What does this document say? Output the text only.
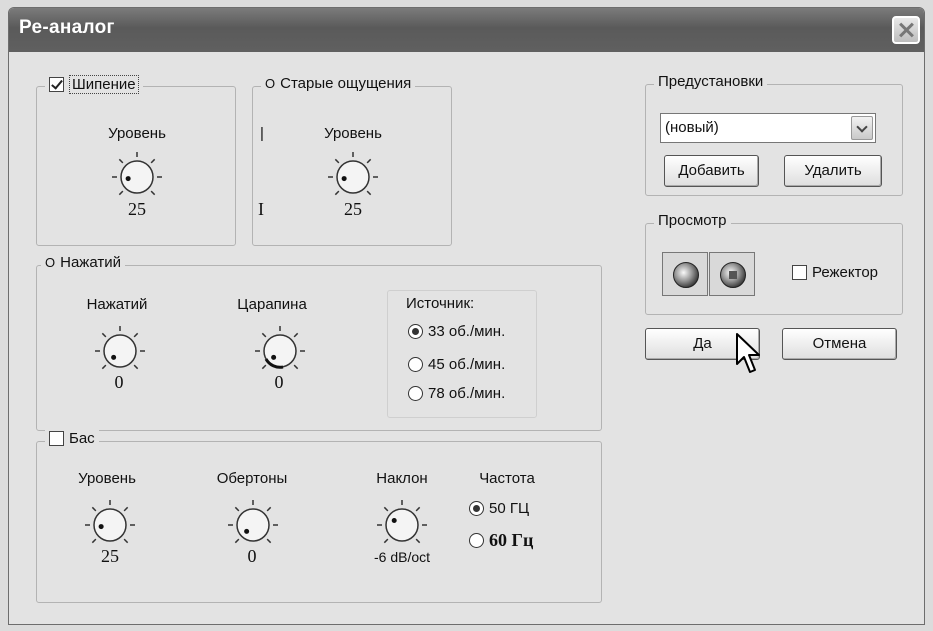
Ре-аналог
Шипение
Уровень
25
O Старые ощущения
|	Уровень
I	25
O Нажатий
Нажатий
0
Царапина
0
Источник:
33 об./мин.
45 об./мин.
78 об./мин.
Бас
Уровень
25
Обертоны
0
Наклон
-6 dB/oct
Частота
50 ГЦ
60 Гц
Предустановки
(новый)
Добавить	Удалить
Просмотр
Режектор
Да	Отмена
